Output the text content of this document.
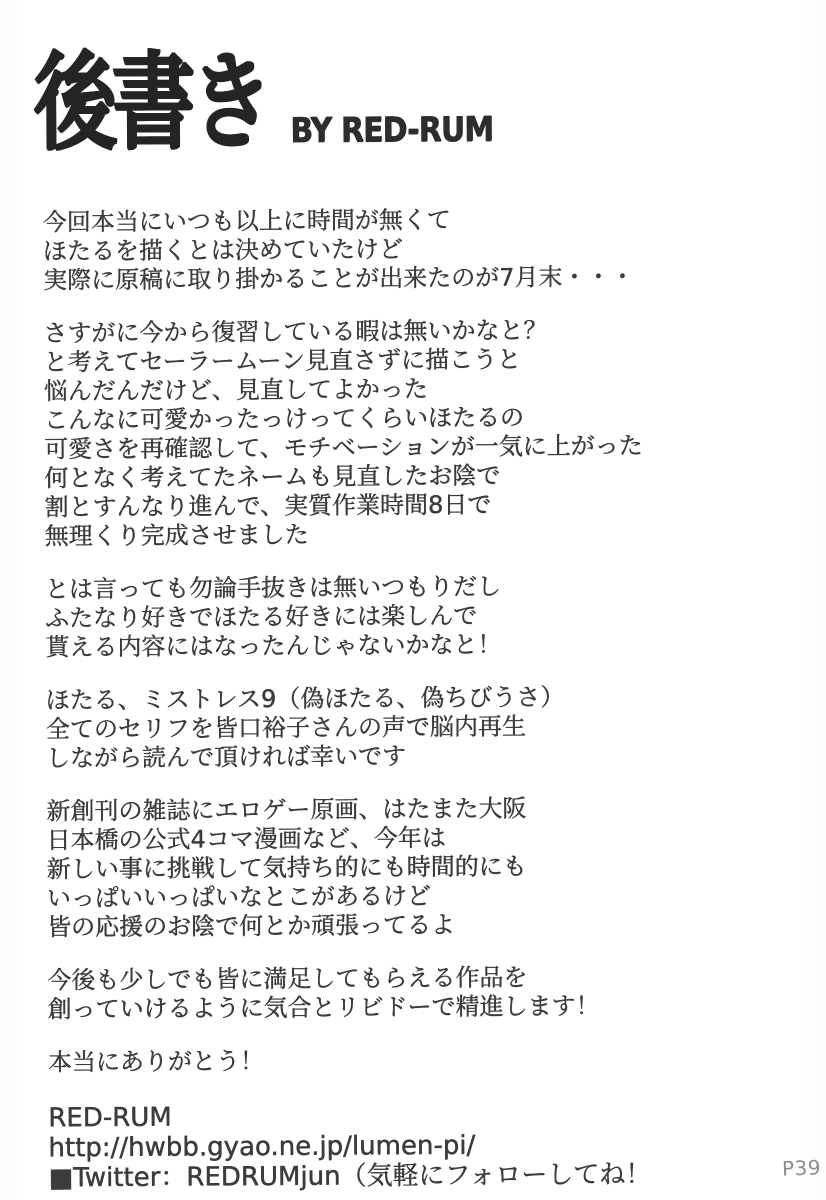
後書き BY RED-RUM

今回本当にいつも以上に時間が無くて
ほたるを描くとは決めていたけど
実際に原稿に取り掛かることが出来たのが7月末・・・

さすがに今から復習している暇は無いかなと？
と考えてセーラームーン見直さずに描こうと
悩んだんだけど、見直してよかった
こんなに可愛かったっけってくらいほたるの
可愛さを再確認して、モチベーションが一気に上がった
何となく考えてたネームも見直したお陰で
割とすんなり進んで、実質作業時間8日で
無理くり完成させました

とは言っても勿論手抜きは無いつもりだし
ふたなり好きでほたる好きには楽しんで
貰える内容にはなったんじゃないかなと！

ほたる、ミストレス9（偽ほたる、偽ちびうさ）
全てのセリフを皆口裕子さんの声で脳内再生
しながら読んで頂ければ幸いです

新創刊の雑誌にエロゲー原画、はたまた大阪
日本橋の公式4コマ漫画など、今年は
新しい事に挑戦して気持ち的にも時間的にも
いっぱいいっぱいなとこがあるけど
皆の応援のお陰で何とか頑張ってるよ

今後も少しでも皆に満足してもらえる作品を
創っていけるように気合とリビドーで精進します！

本当にありがとう！

RED-RUM
http://hwbb.gyao.ne.jp/lumen-pi/
■Twitter：REDRUMjun（気軽にフォローしてね！	P39
